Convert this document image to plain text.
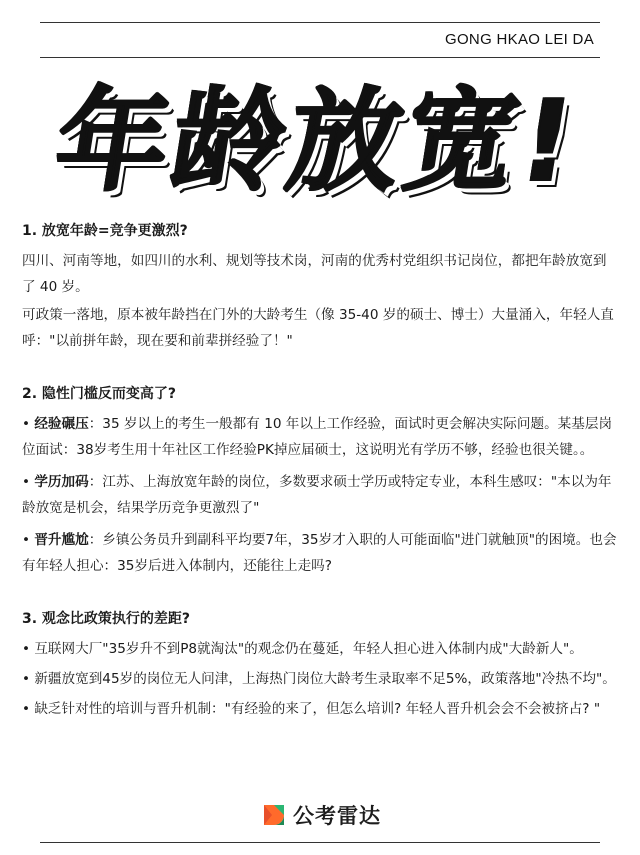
GONG HKAO LEI DA
年龄放宽!

1. 放宽年龄=竞争更激烈?

四川、河南等地，如四川的水利、规划等技术岗，河南的优秀村党组织书记岗位，都把年龄放宽到了 40 岁。

可政策一落地，原本被年龄挡在门外的大龄考生（像 35-40 岁的硕士、博士）大量涌入，年轻人直呼："以前拼年龄，现在要和前辈拼经验了！"

2. 隐性门槛反而变高了?

• 经验碾压：35 岁以上的考生一般都有 10 年以上工作经验，面试时更会解决实际问题。某基层岗位面试：38岁考生用十年社区工作经验PK掉应届硕士，这说明光有学历不够，经验也很关键。。

• 学历加码：江苏、上海放宽年龄的岗位，多数要求硕士学历或特定专业，本科生感叹："本以为年龄放宽是机会，结果学历竞争更激烈了"

• 晋升尴尬：乡镇公务员升到副科平均要7年，35岁才入职的人可能面临"进门就触顶"的困境。也会有年轻人担心：35岁后进入体制内，还能往上走吗?

3. 观念比政策执行的差距?

• 互联网大厂"35岁升不到P8就淘汰"的观念仍在蔓延，年轻人担心进入体制内成"大龄新人"。

• 新疆放宽到45岁的岗位无人问津，上海热门岗位大龄考生录取率不足5%，政策落地"冷热不均"。

• 缺乏针对性的培训与晋升机制："有经验的来了，但怎么培训? 年轻人晋升机会会不会被挤占? "

公考雷达
